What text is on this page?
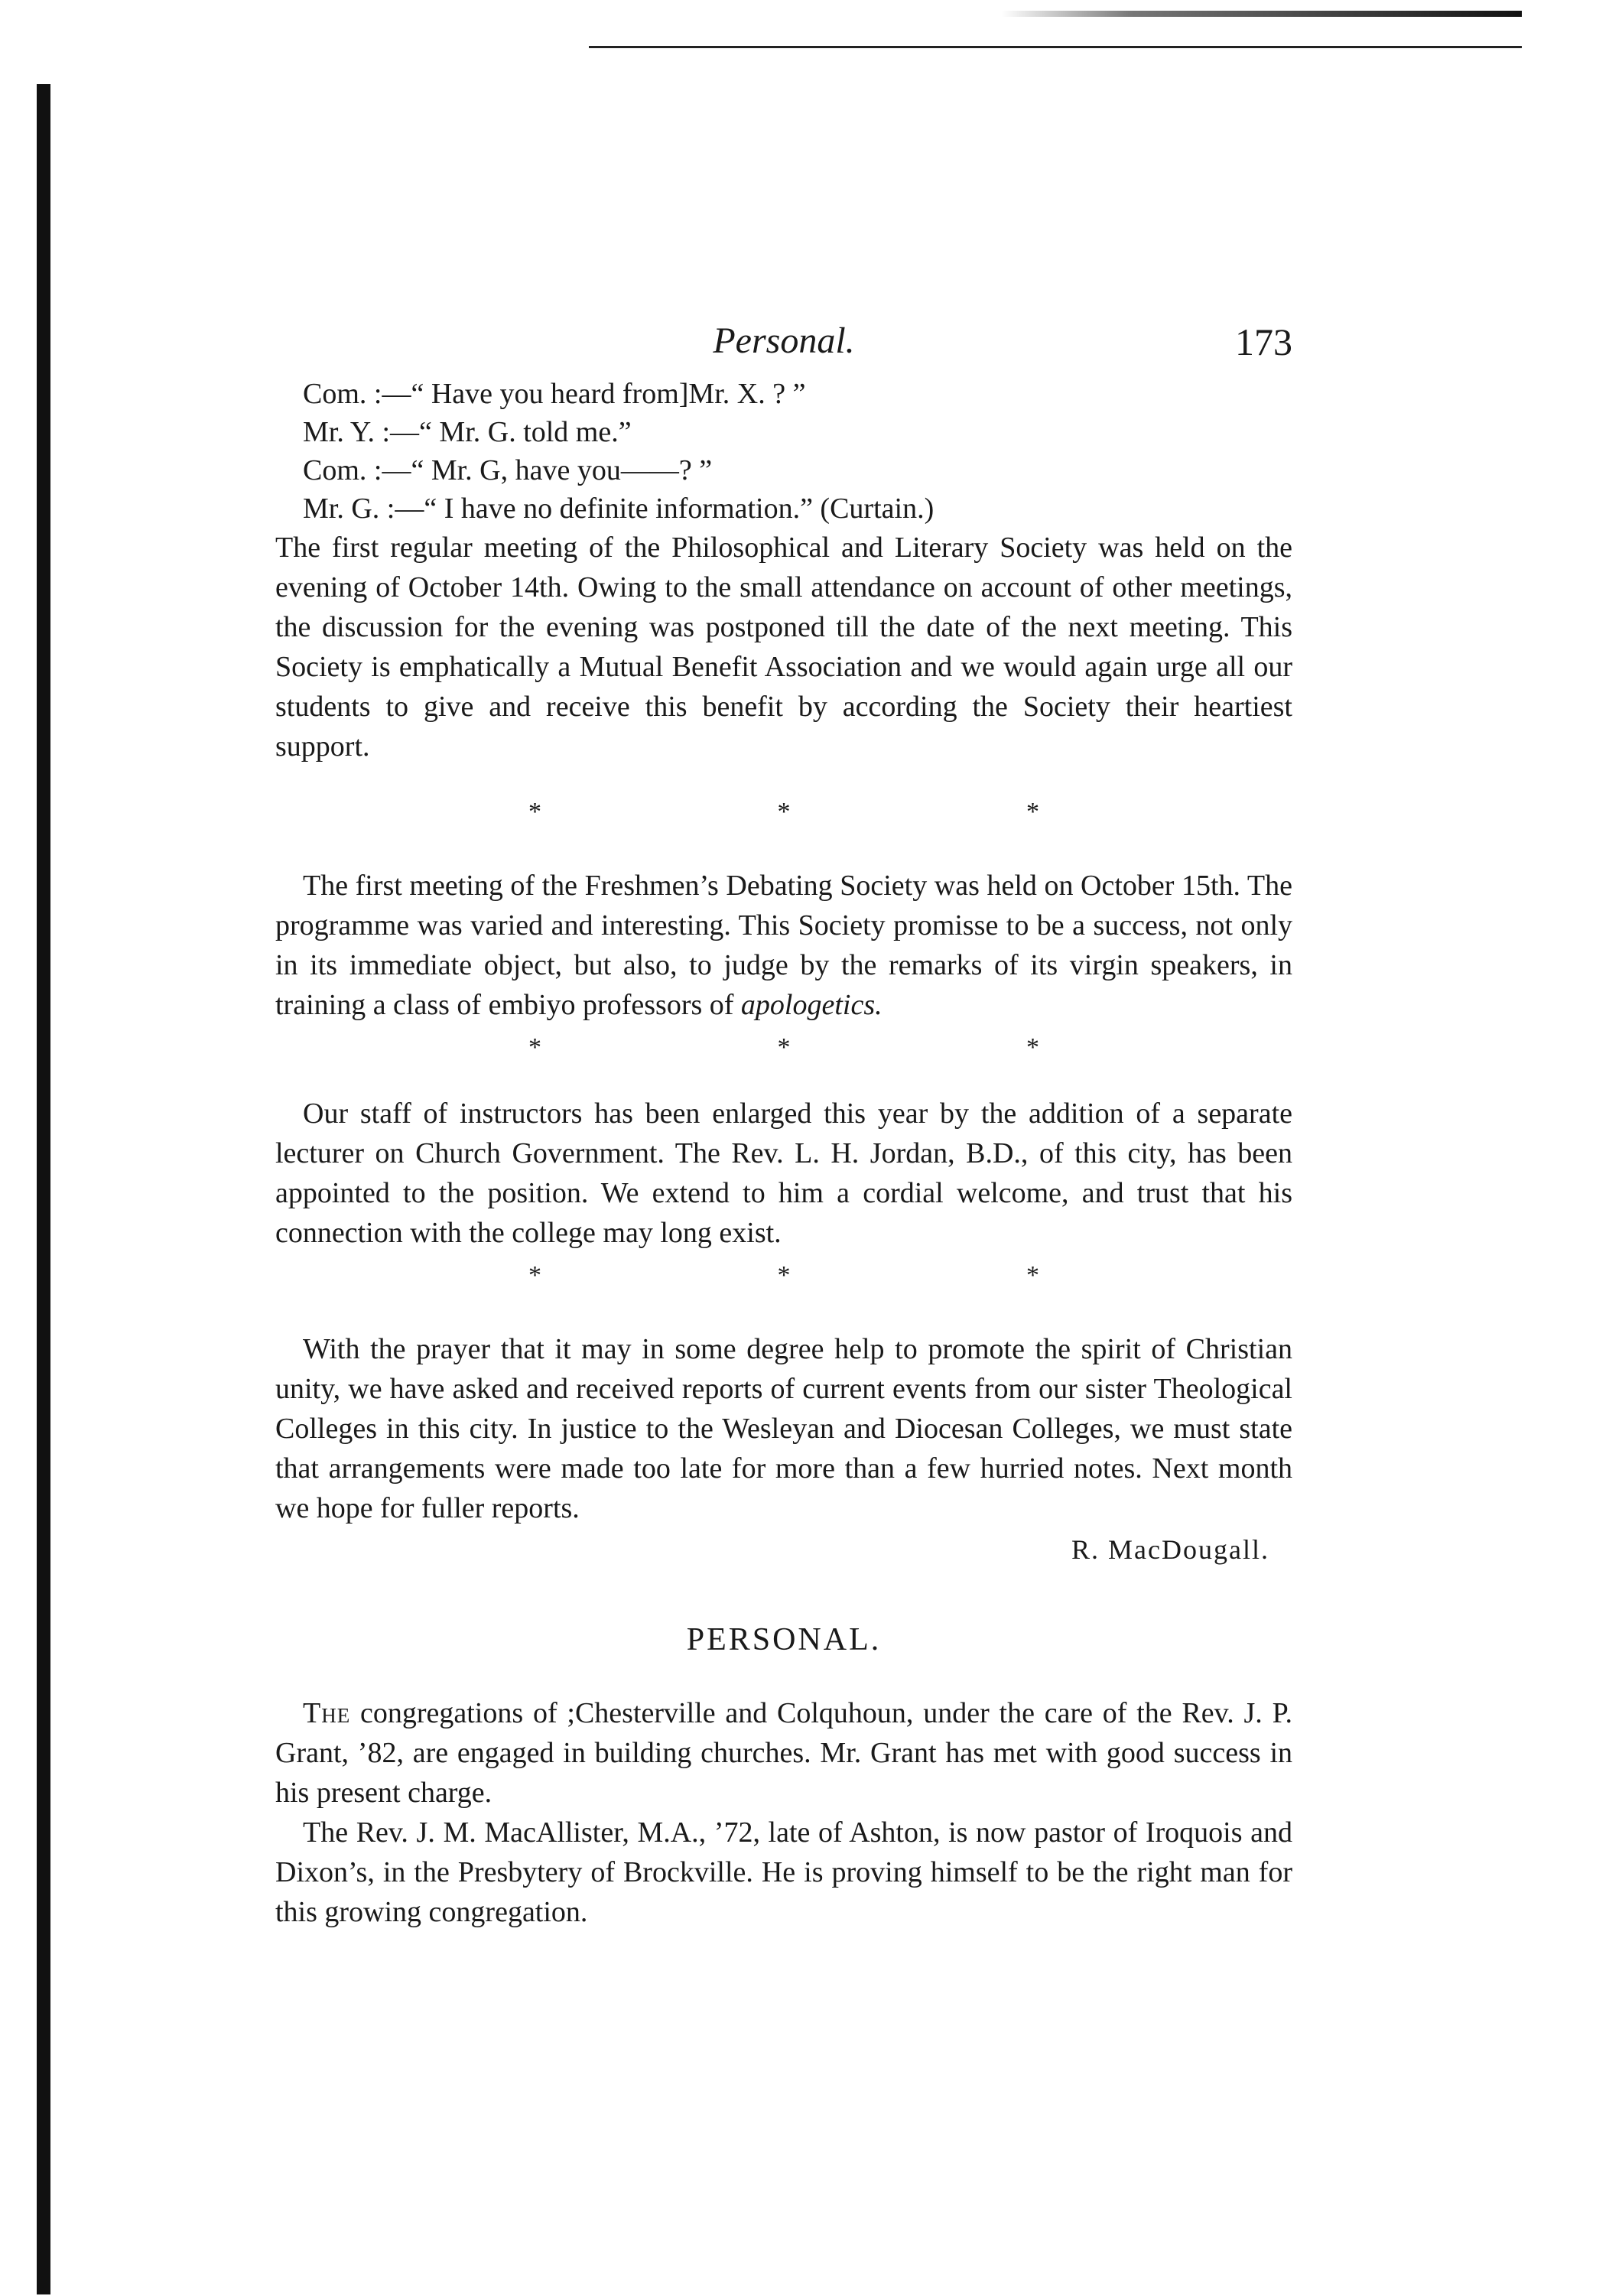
Personal.	173
Com. :—“ Have you heard from]Mr. X. ? ”
Mr. Y. :—“ Mr. G. told me.”
Com. :—“ Mr. G, have you——? ”
Mr. G. :—“ I have no definite information.” (Curtain.)

The first regular meeting of the Philosophical and Literary Society was held on the evening of October 14th. Owing to the small attendance on account of other meetings, the discussion for the evening was postponed till the date of the next meeting. This Society is emphatically a Mutual Benefit Association and we would again urge all our students to give and receive this benefit by according the Society their heartiest support.

* * *

The first meeting of the Freshmen’s Debating Society was held on October 15th. The programme was varied and interesting. This Society promisse to be a success, not only in its immediate object, but also, to judge by the remarks of its virgin speakers, in training a class of embiyo professors of apologetics.

* * *

Our staff of instructors has been enlarged this year by the addition of a separate lecturer on Church Government. The Rev. L. H. Jordan, B.D., of this city, has been appointed to the position. We extend to him a cordial welcome, and trust that his connection with the college may long exist.

* * *

With the prayer that it may in some degree help to promote the spirit of Christian unity, we have asked and received reports of current events from our sister Theological Colleges in this city. In justice to the Wesleyan and Diocesan Colleges, we must state that arrangements were made too late for more than a few hurried notes. Next month we hope for fuller reports.

R. MacDougall.
PERSONAL.

The congregations of ;Chesterville and Colquhoun, under the care of the Rev. J. P. Grant, ’82, are engaged in building churches. Mr. Grant has met with good success in his present charge.

The Rev. J. M. MacAllister, M.A., ’72, late of Ashton, is now pastor of Iroquois and Dixon’s, in the Presbytery of Brockville. He is proving himself to be the right man for this growing congregation.
